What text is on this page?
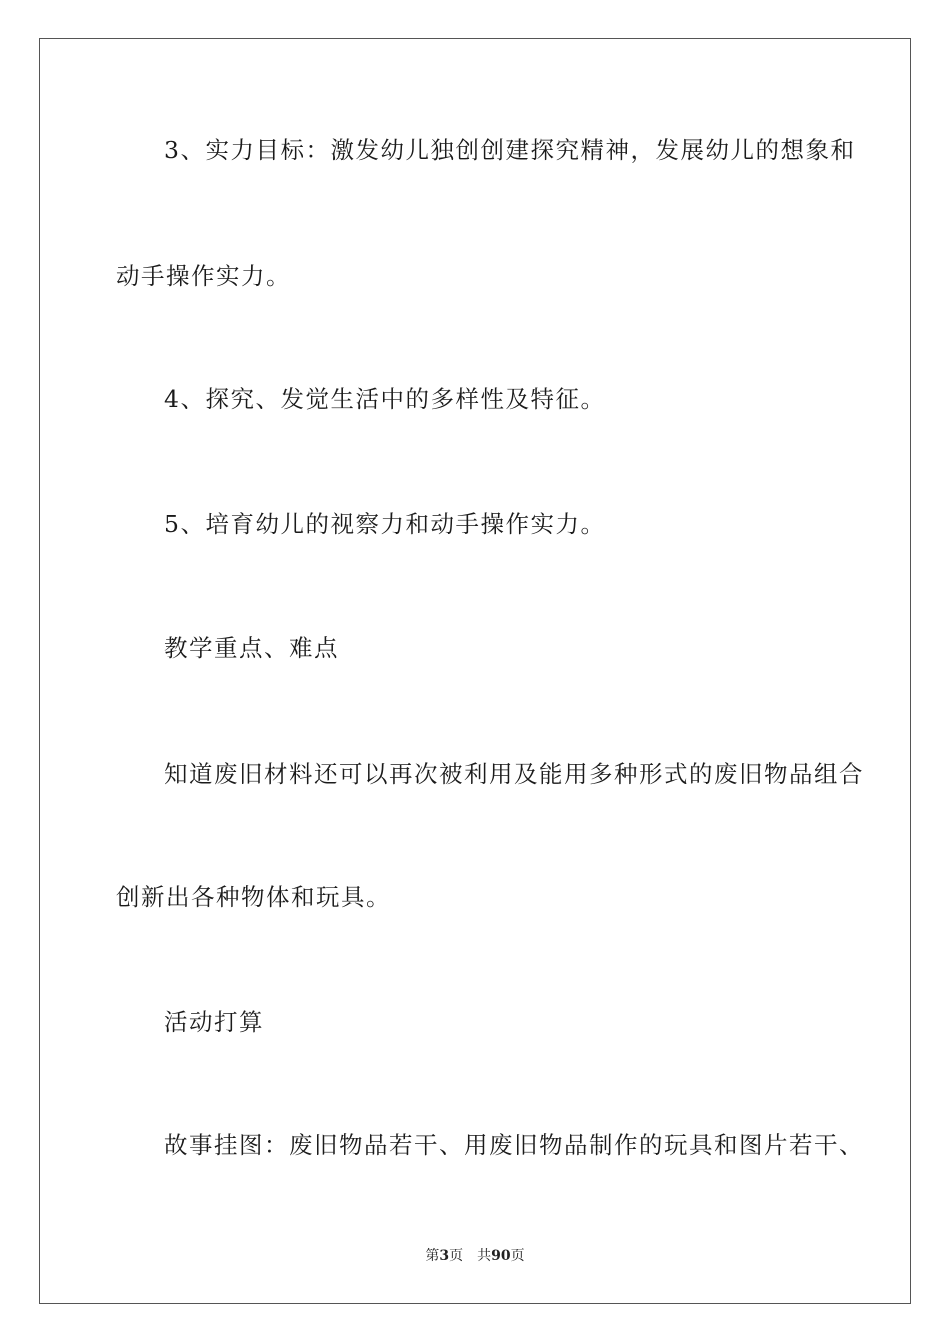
3、实力目标：激发幼儿独创创建探究精神，发展幼儿的想象和
动手操作实力。
4、探究、发觉生活中的多样性及特征。
5、培育幼儿的视察力和动手操作实力。
教学重点、难点
知道废旧材料还可以再次被利用及能用多种形式的废旧物品组合
创新出各种物体和玩具。
活动打算
故事挂图：废旧物品若干、用废旧物品制作的玩具和图片若干、
第3页 共90页
